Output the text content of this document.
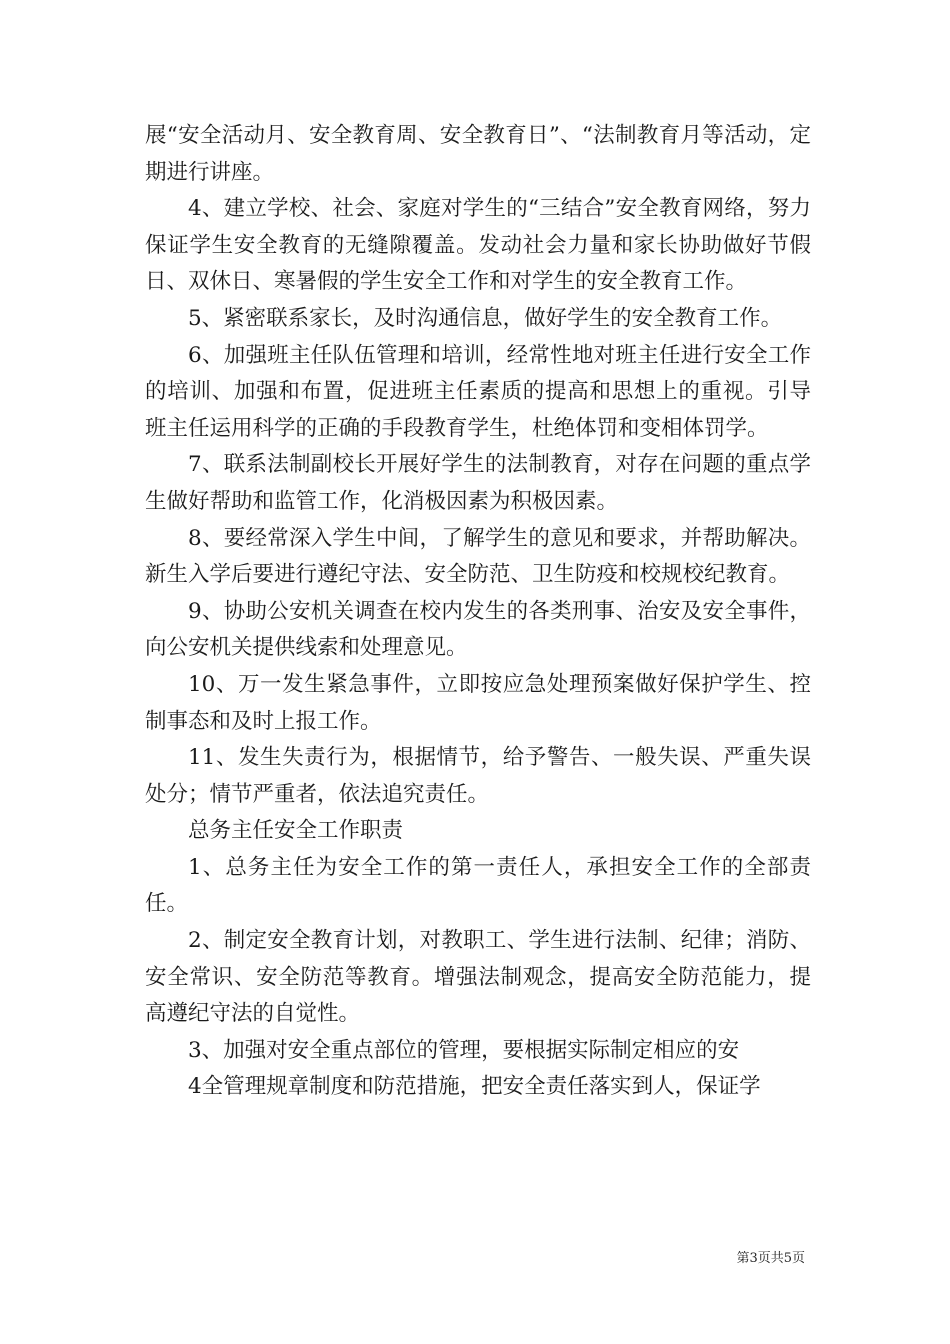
展“安全活动月、安全教育周、安全教育日”、“法制教育月等活动，定期进行讲座。

4、建立学校、社会、家庭对学生的“三结合”安全教育网络，努力保证学生安全教育的无缝隙覆盖。发动社会力量和家长协助做好节假日、双休日、寒暑假的学生安全工作和对学生的安全教育工作。

5、紧密联系家长，及时沟通信息，做好学生的安全教育工作。

6、加强班主任队伍管理和培训，经常性地对班主任进行安全工作的培训、加强和布置，促进班主任素质的提高和思想上的重视。引导班主任运用科学的正确的手段教育学生，杜绝体罚和变相体罚学。

7、联系法制副校长开展好学生的法制教育，对存在问题的重点学生做好帮助和监管工作，化消极因素为积极因素。

8、要经常深入学生中间，了解学生的意见和要求，并帮助解决。新生入学后要进行遵纪守法、安全防范、卫生防疫和校规校纪教育。

9、协助公安机关调查在校内发生的各类刑事、治安及安全事件，向公安机关提供线索和处理意见。

10、万一发生紧急事件，立即按应急处理预案做好保护学生、控制事态和及时上报工作。

11、发生失责行为，根据情节，给予警告、一般失误、严重失误处分；情节严重者，依法追究责任。

总务主任安全工作职责

1、总务主任为安全工作的第一责任人，承担安全工作的全部责任。

2、制定安全教育计划，对教职工、学生进行法制、纪律；消防、安全常识、安全防范等教育。增强法制观念，提高安全防范能力，提高遵纪守法的自觉性。

3、加强对安全重点部位的管理，要根据实际制定相应的安

4全管理规章制度和防范措施，把安全责任落实到人，保证学

第3页共5页
